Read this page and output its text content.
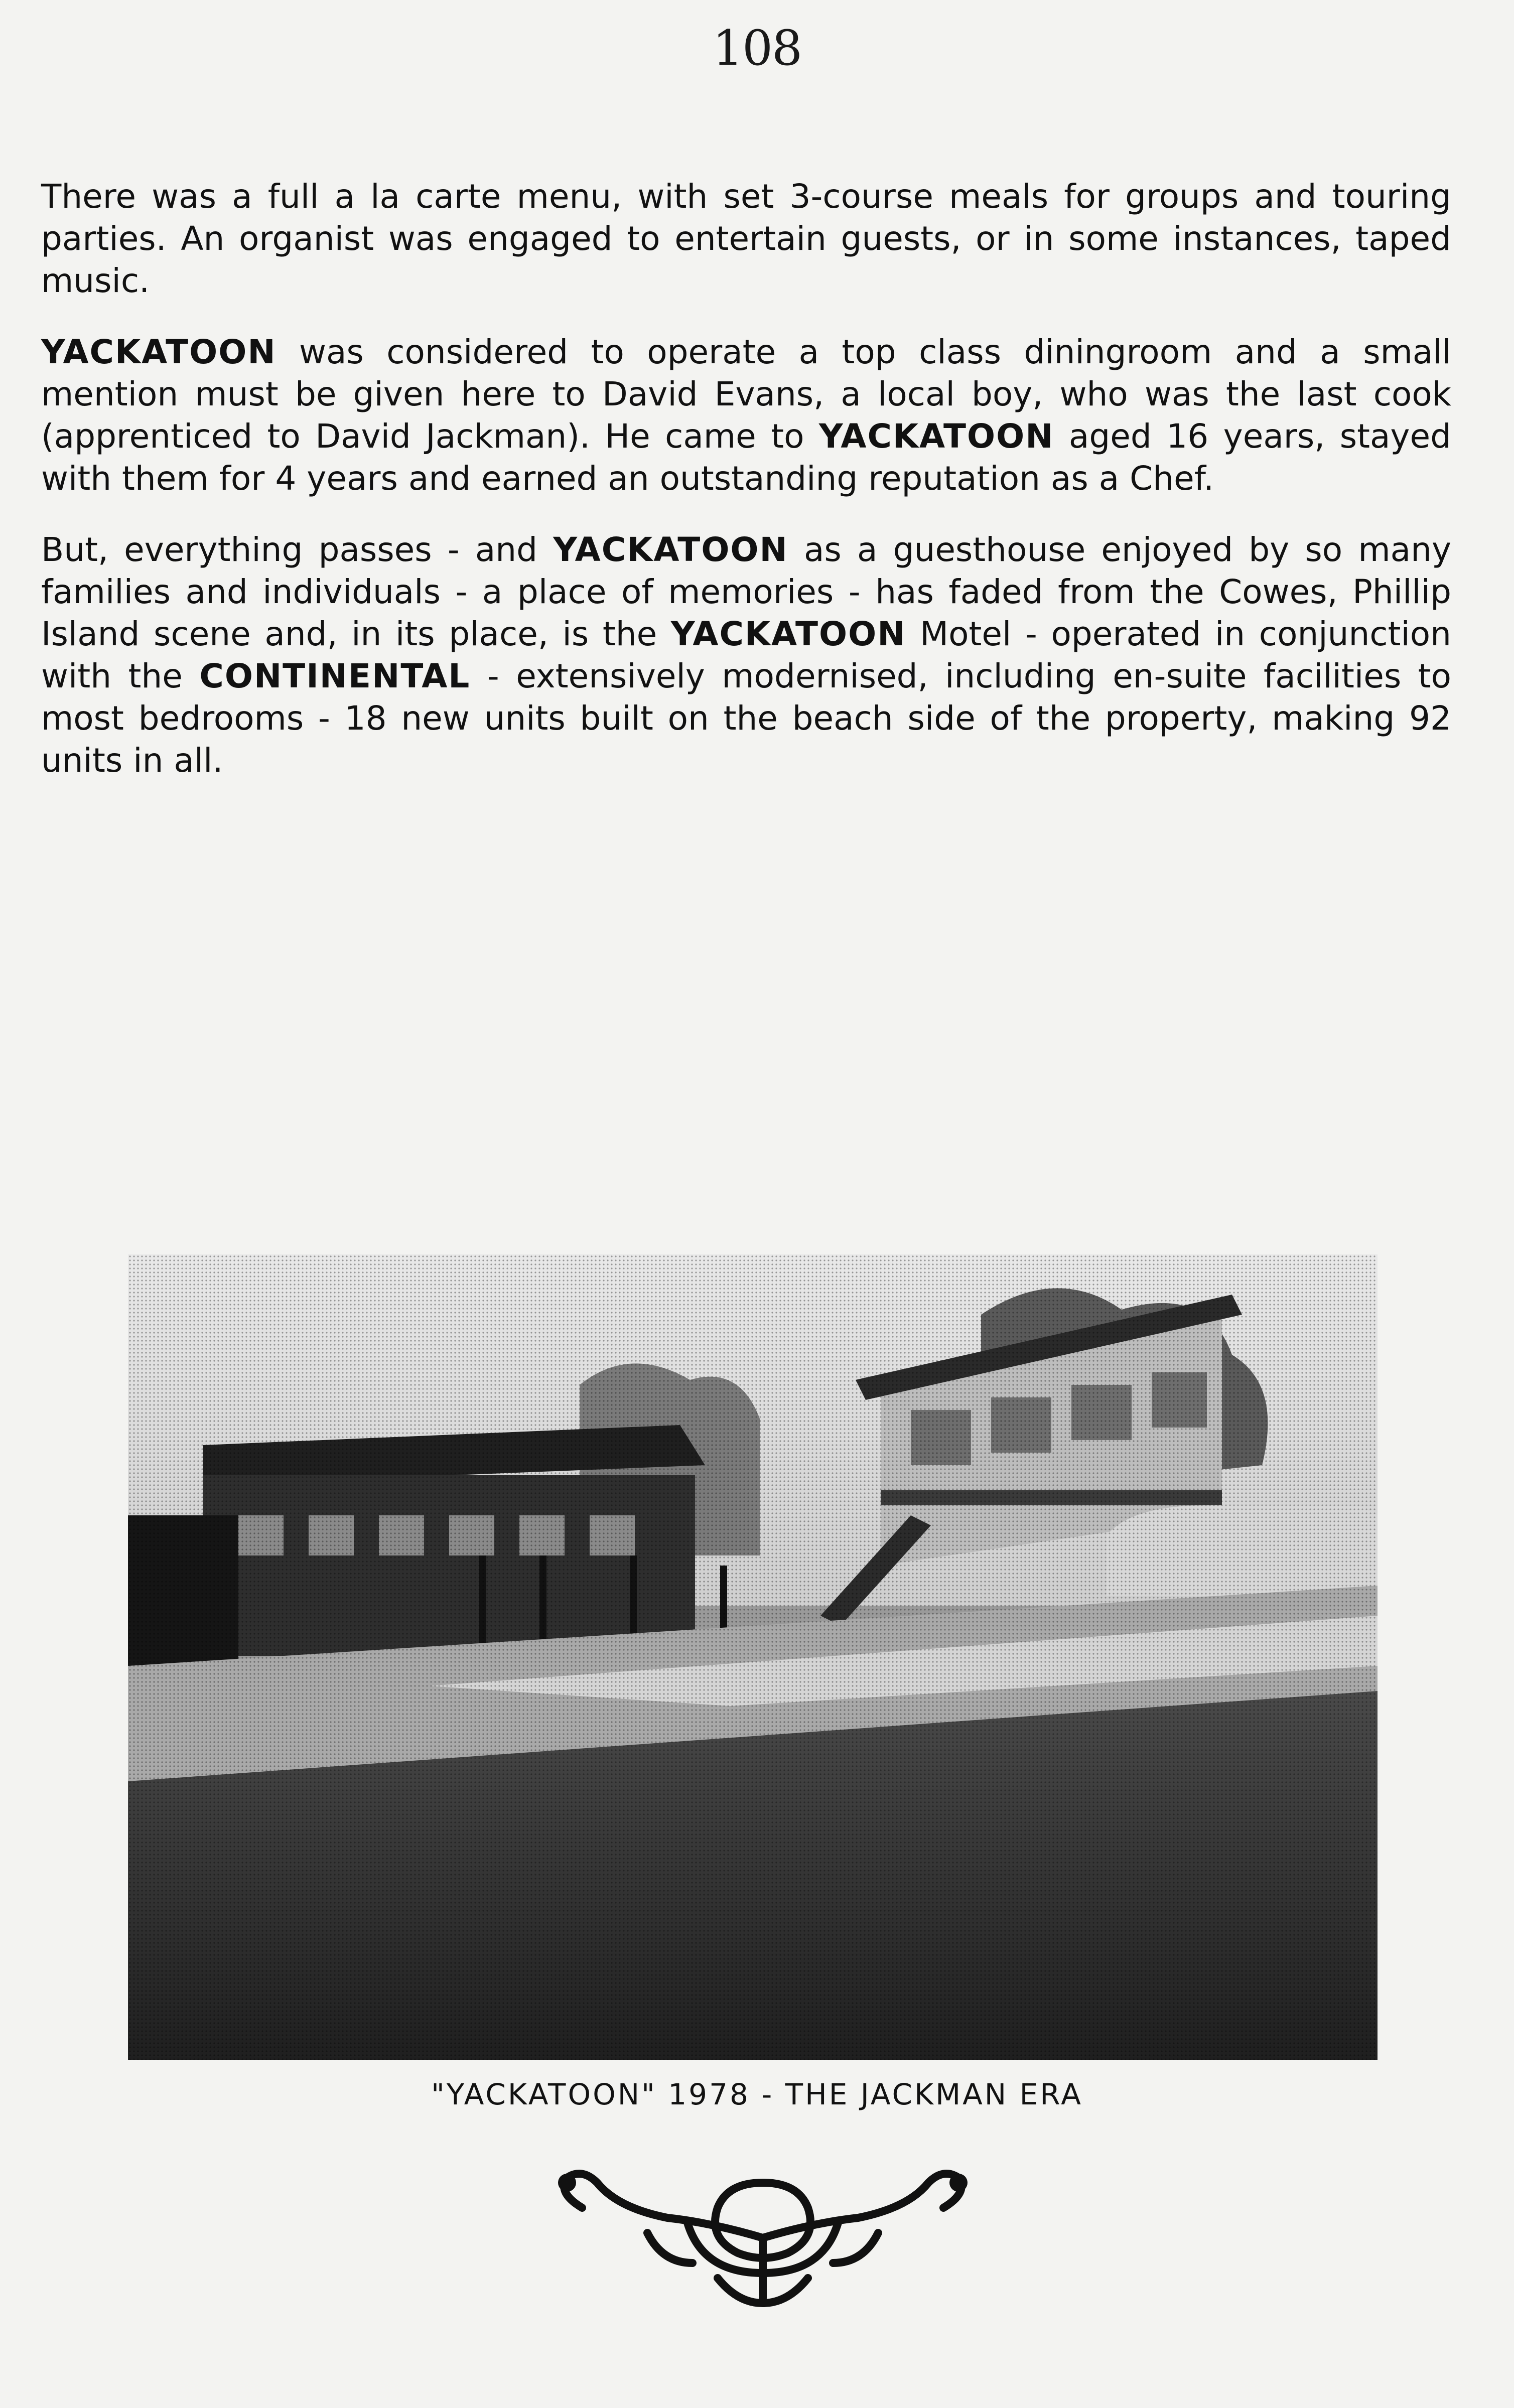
108

There was a full a la carte menu, with set 3-course meals for groups and touring parties. An organist was engaged to entertain guests, or in some instances, taped music.

YACKATOON was considered to operate a top class diningroom and a small mention must be given here to David Evans, a local boy, who was the last cook (apprenticed to David Jackman). He came to YACKATOON aged 16 years, stayed with them for 4 years and earned an outstanding reputation as a Chef.

But, everything passes - and YACKATOON as a guesthouse enjoyed by so many families and individuals - a place of memories - has faded from the Cowes, Phillip Island scene and, in its place, is the YACKATOON Motel - operated in conjunction with the CONTINENTAL - extensively modernised, including en-suite facilities to most bedrooms - 18 new units built on the beach side of the property, making 92 units in all.

"YACKATOON" 1978 - THE JACKMAN ERA
